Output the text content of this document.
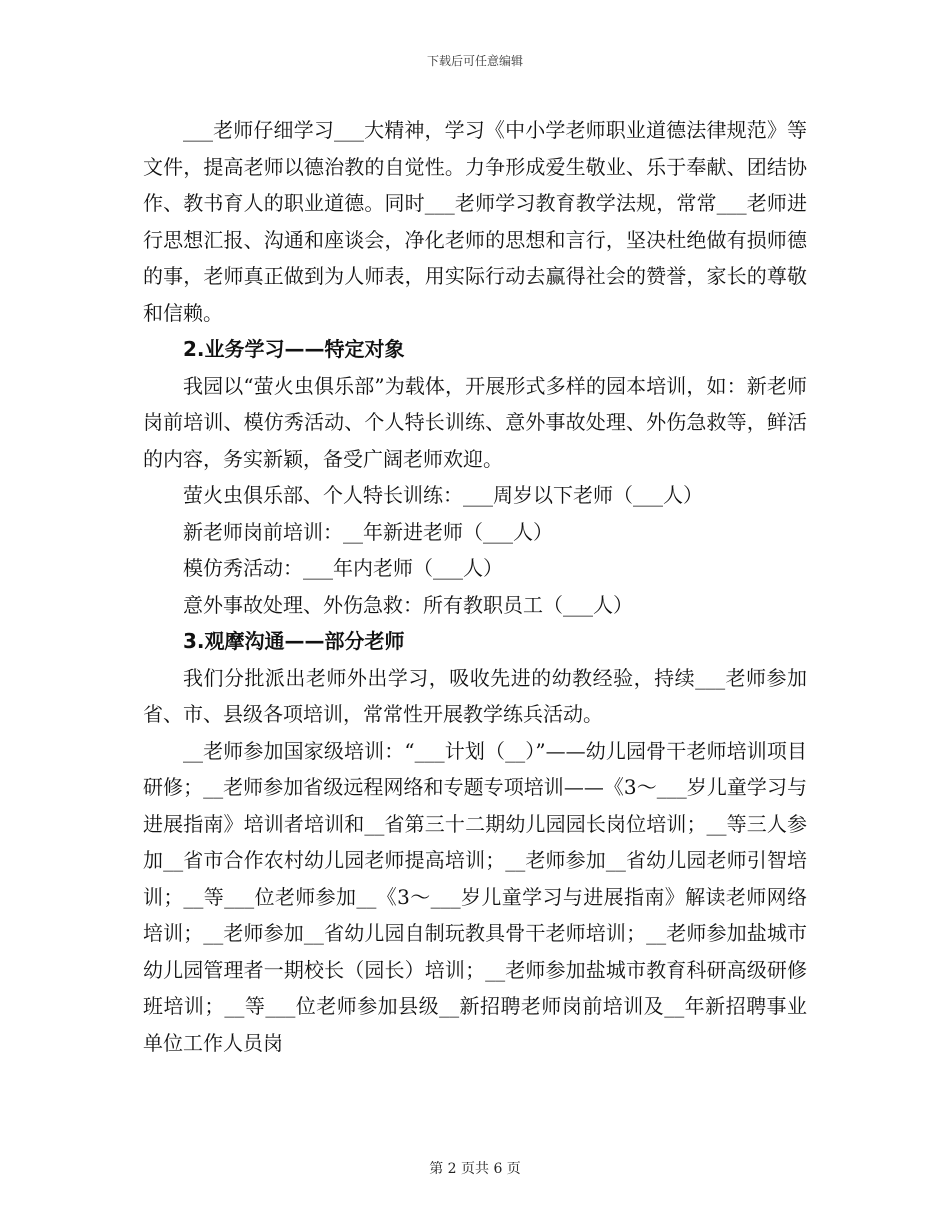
下载后可任意编辑

___老师仔细学习___大精神，学习《中小学老师职业道德法律规范》等文件，提高老师以德治教的自觉性。力争形成爱生敬业、乐于奉献、团结协作、教书育人的职业道德。同时___老师学习教育教学法规，常常___老师进行思想汇报、沟通和座谈会，净化老师的思想和言行，坚决杜绝做有损师德的事，老师真正做到为人师表，用实际行动去赢得社会的赞誉，家长的尊敬和信赖。

2.业务学习——特定对象

我园以“萤火虫俱乐部”为载体，开展形式多样的园本培训，如：新老师岗前培训、模仿秀活动、个人特长训练、意外事故处理、外伤急救等，鲜活的内容，务实新颖，备受广阔老师欢迎。

萤火虫俱乐部、个人特长训练：___周岁以下老师（___人）

新老师岗前培训：__年新进老师（___人）

模仿秀活动：___年内老师（___人）

意外事故处理、外伤急救：所有教职员工（___人）

3.观摩沟通——部分老师

我们分批派出老师外出学习，吸收先进的幼教经验，持续___老师参加省、市、县级各项培训，常常性开展教学练兵活动。

__老师参加国家级培训：“___计划（__）”——幼儿园骨干老师培训项目研修；__老师参加省级远程网络和专题专项培训——《3～___岁儿童学习与进展指南》培训者培训和__省第三十二期幼儿园园长岗位培训；__等三人参加__省市合作农村幼儿园老师提高培训；__老师参加__省幼儿园老师引智培训；__等___位老师参加__《3～___岁儿童学习与进展指南》解读老师网络培训；__老师参加__省幼儿园自制玩教具骨干老师培训；__老师参加盐城市幼儿园管理者一期校长（园长）培训；__老师参加盐城市教育科研高级研修班培训；__等___位老师参加县级__新招聘老师岗前培训及__年新招聘事业单位工作人员岗

第 2 页共 6 页
